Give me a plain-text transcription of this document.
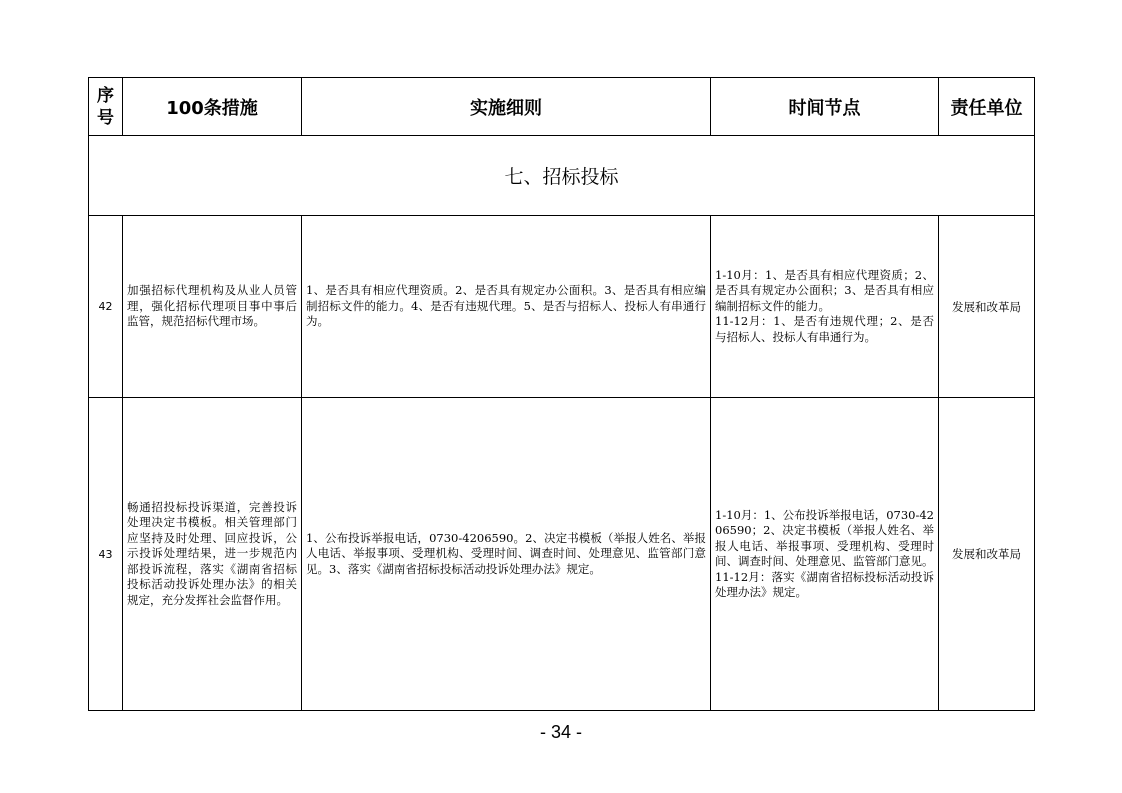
序号	100条措施	实施细则	时间节点	责任单位
七、招标投标				
42	加强招标代理机构及从业人员管理，强化招标代理项目事中事后监管，规范招标代理市场。	1、是否具有相应代理资质。2、是否具有规定办公面积。3、是否具有相应编制招标文件的能力。4、是否有违规代理。5、是否与招标人、投标人有串通行为。	1-10月：1、是否具有相应代理资质；2、是否具有规定办公面积；3、是否具有相应编制招标文件的能力。
11-12月：1、是否有违规代理；2、是否与招标人、投标人有串通行为。	发展和改革局
43	畅通招投标投诉渠道，完善投诉处理决定书模板。相关管理部门应坚持及时处理、回应投诉，公示投诉处理结果，进一步规范内部投诉流程，落实《湖南省招标投标活动投诉处理办法》的相关规定，充分发挥社会监督作用。	1、公布投诉举报电话，0730-4206590。2、决定书模板（举报人姓名、举报人电话、举报事项、受理机构、受理时间、调查时间、处理意见、监管部门意见。3、落实《湖南省招标投标活动投诉处理办法》规定。	1-10月：1、公布投诉举报电话，0730-4206590；2、决定书模板（举报人姓名、举报人电话、举报事项、受理机构、受理时间、调查时间、处理意见、监管部门意见。
11-12月：落实《湖南省招标投标活动投诉处理办法》规定。	发展和改革局
- 34 -
